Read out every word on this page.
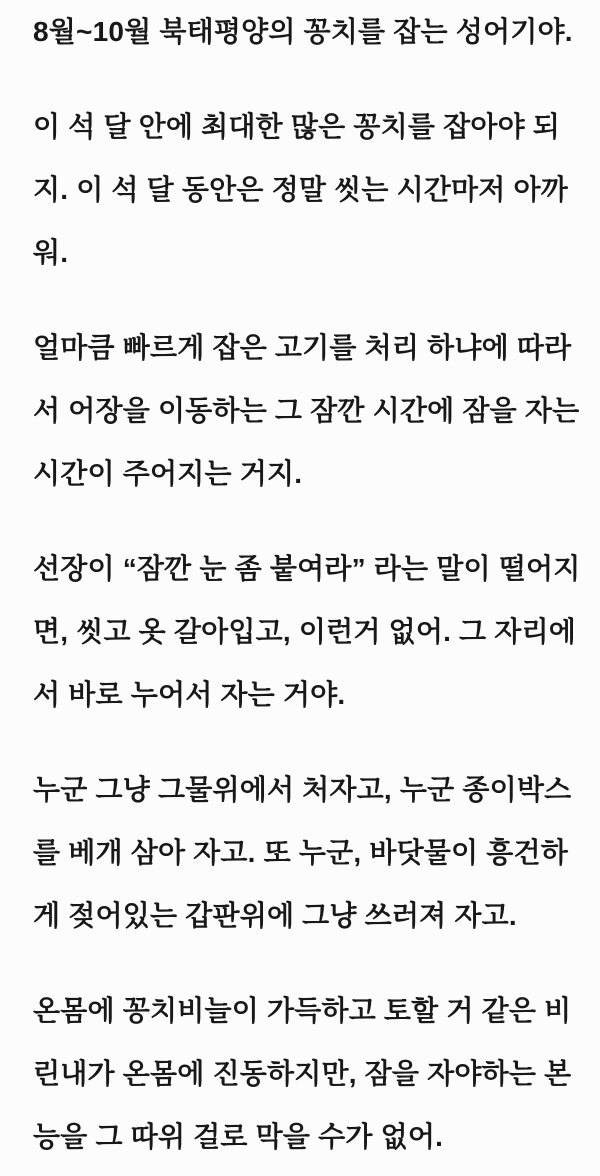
8월~10월 북태평양의 꽁치를 잡는 성어기야.
이 석 달 안에 최대한 많은 꽁치를 잡아야 되
지. 이 석 달 동안은 정말 씻는 시간마저 아까
워.
얼마큼 빠르게 잡은 고기를 처리 하냐에 따라
서 어장을 이동하는 그 잠깐 시간에 잠을 자는
시간이 주어지는 거지.
선장이 “잠깐 눈 좀 붙여라” 라는 말이 떨어지
면, 씻고 옷 갈아입고, 이런거 없어. 그 자리에
서 바로 누어서 자는 거야.
누군 그냥 그물위에서 처자고, 누군 종이박스
를 베개 삼아 자고. 또 누군, 바닷물이 흥건하
게 젖어있는 갑판위에 그냥 쓰러져 자고.
온몸에 꽁치비늘이 가득하고 토할 거 같은 비
린내가 온몸에 진동하지만, 잠을 자야하는 본
능을 그 따위 걸로 막을 수가 없어.
